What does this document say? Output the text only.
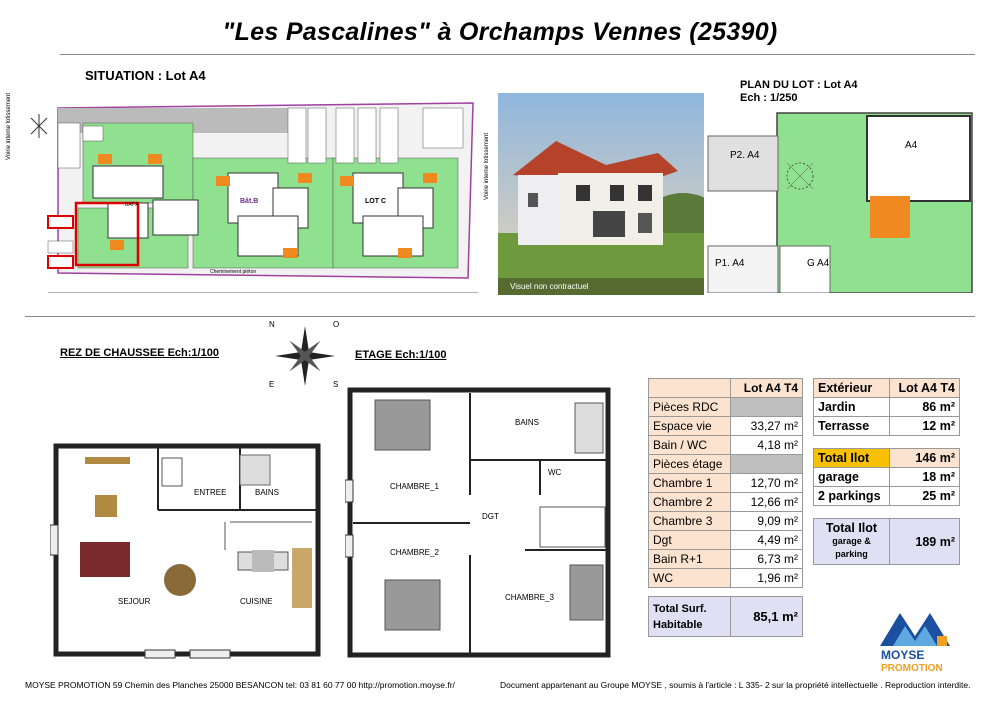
"Les Pascalines" à Orchamps Vennes (25390)
SITUATION : Lot A4
Voirie interne lotissement
Voirie interne lotissement
Cheminement piéton
Bât.B	LOT C
BAT A
Visuel non contractuel
PLAN DU LOT : Lot A4
Ech : 1/250
P2. A4
P1. A4	G A4
A4
N	O
E	S
REZ DE CHAUSSEE Ech:1/100
ENTREE	BAINS
SEJOUR	CUISINE
ETAGE Ech:1/100
BAINS
WC
CHAMBRE_1
DGT
CHAMBRE_2
CHAMBRE_3
	Lot A4 T4
Pièces RDC	
Espace vie	33,27 m²
Bain / WC	4,18 m²
Pièces étage	
Chambre 1	12,70 m²
Chambre 2	12,66 m²
Chambre 3	9,09 m²
Dgt	4,49 m²
Bain R+1	6,73 m²
WC	1,96 m²
Total Surf.
Habitable
	85,1 m²
Extérieur	Lot A4 T4
Jardin	86 m²
Terrasse	12 m²
Total Ilot	146 m²
garage	18 m²
2 parkings	25 m²
Total Ilot
garage &
parking
	189 m²
MOYSE
PROMOTION
MOYSE PROMOTION 59 Chemin des Planches 25000 BESANCON tel: 03 81 60 77 00 http://promotion.moyse.fr/	Document appartenant au Groupe MOYSE , soumis à l'article : L 335- 2 sur la propriété intellectuelle . Reproduction interdite.
